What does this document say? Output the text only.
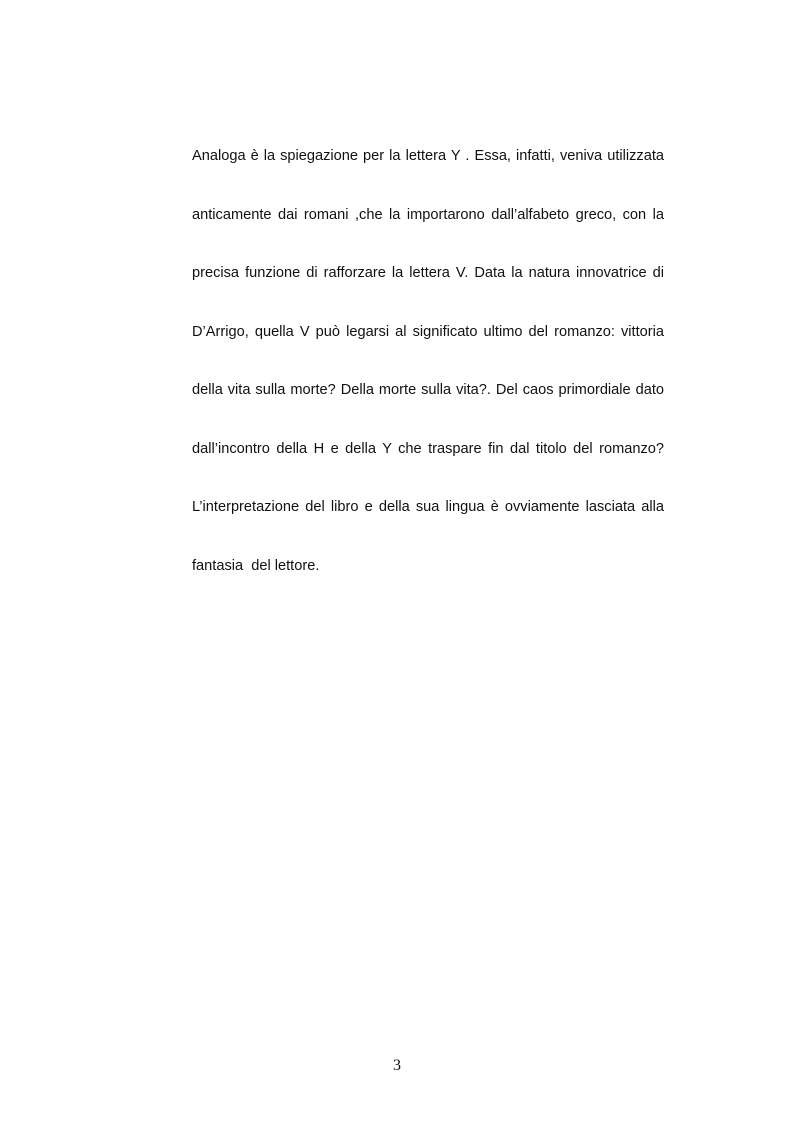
Analoga è la spiegazione per la lettera Y . Essa, infatti, veniva utilizzata
anticamente dai romani ,che la importarono dall’alfabeto greco, con la
precisa funzione di rafforzare la lettera V. Data la natura innovatrice di
D’Arrigo, quella V può legarsi al significato ultimo del romanzo: vittoria
della vita sulla morte? Della morte sulla vita?. Del caos primordiale dato
dall’incontro della H e della Y che traspare fin dal titolo del romanzo?
L’interpretazione del libro e della sua lingua è ovviamente lasciata alla
fantasia  del lettore.
3
